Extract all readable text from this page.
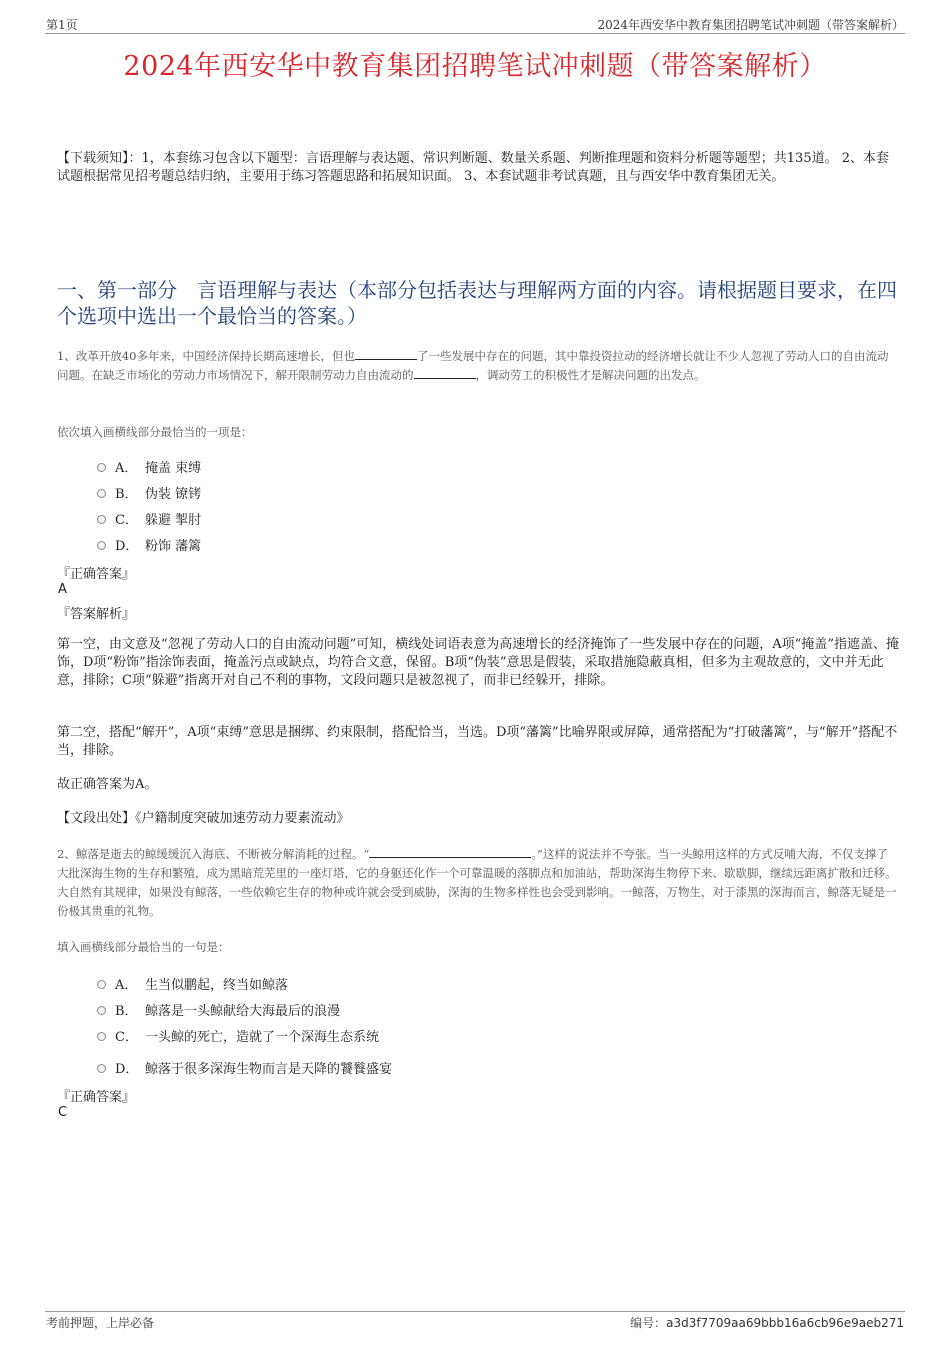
第1页	2024年西安华中教育集团招聘笔试冲刺题（带答案解析）
2024年西安华中教育集团招聘笔试冲刺题（带答案解析）
【下载须知】：1，本套练习包含以下题型：言语理解与表达题、常识判断题、数量关系题、判断推理题和资料分析题等题型；共135道。 2、本套试题根据常见招考题总结归纳，主要用于练习答题思路和拓展知识面。 3、本套试题非考试真题，且与西安华中教育集团无关。
一、第一部分　言语理解与表达（本部分包括表达与理解两方面的内容。请根据题目要求，在四个选项中选出一个最恰当的答案。）
1、改革开放40多年来，中国经济保持长期高速增长，但也	了一些发展中存在的问题，其中靠投资拉动的经济增长就让不少人忽视了劳动人口的自由流动问题。在缺乏市场化的劳动力市场情况下，解开限制劳动力自由流动的	，调动劳工的积极性才是解决问题的出发点。
依次填入画横线部分最恰当的一项是：
A． 掩盖 束缚
B． 伪装 镣铐
C． 躲避 掣肘
D． 粉饰 藩篱
『正确答案』
A
『答案解析』
第一空，由文意及“忽视了劳动人口的自由流动问题”可知，横线处词语表意为高速增长的经济掩饰了一些发展中存在的问题，A项“掩盖”指遮盖、掩饰，D项“粉饰”指涂饰表面，掩盖污点或缺点，均符合文意，保留。B项“伪装”意思是假装，采取措施隐蔽真相，但多为主观故意的，文中并无此意，排除；C项“躲避”指离开对自己不利的事物，文段问题只是被忽视了，而非已经躲开，排除。
第二空，搭配“解开”，A项“束缚”意思是捆绑、约束限制，搭配恰当，当选。D项“藩篱”比喻界限或屏障，通常搭配为“打破藩篱”，与“解开”搭配不当，排除。
故正确答案为A。
【文段出处】《户籍制度突破加速劳动力要素流动》
2、鲸落是逝去的鲸缓缓沉入海底、不断被分解消耗的过程。“	。”这样的说法并不夸张。当一头鲸用这样的方式反哺大海，不仅支撑了大批深海生物的生存和繁殖，成为黑暗荒芜里的一座灯塔，它的身躯还化作一个可靠温暖的落脚点和加油站，帮助深海生物停下来、歇歇脚，继续远距离扩散和迁移。大自然有其规律，如果没有鲸落，一些依赖它生存的物种或许就会受到威胁，深海的生物多样性也会受到影响。一鲸落，万物生，对于漆黑的深海而言，鲸落无疑是一份极其贵重的礼物。
填入画横线部分最恰当的一句是：
A． 生当似鹏起，终当如鲸落
B． 鲸落是一头鲸献给大海最后的浪漫
C． 一头鲸的死亡，造就了一个深海生态系统
D． 鲸落于很多深海生物而言是天降的饕餮盛宴
『正确答案』
C
考前押题，上岸必备	编号：a3d3f7709aa69bbb16a6cb96e9aeb271
